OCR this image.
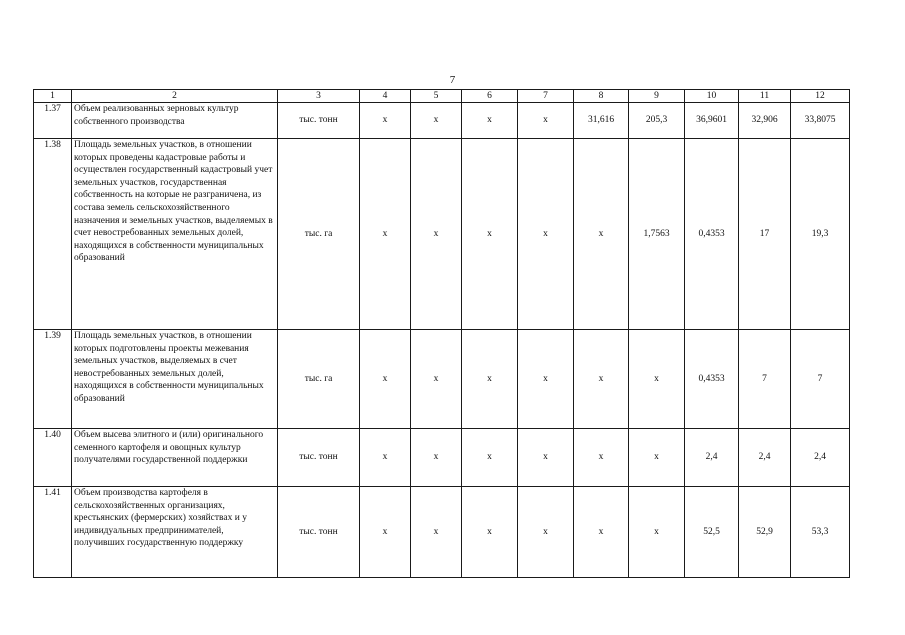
7
1	2	3	4	5	6	7	8	9	10	11	12
1.37	Объем реализованных зерновых культур собственного производства	тыс. тонн	х	х	х	х	31,616	205,3	36,9601	32,906	33,8075
1.38	Площадь земельных участков, в отношении которых проведены кадастровые работы и осуществлен государственный кадастровый учет земельных участков, государственная собственность на которые не разграничена, из состава земель сельскохозяйственного назначения и земельных участков, выделяемых в счет невостребованных земельных долей, находящихся в собственности муниципальных образований	тыс. га	х	х	х	х	х	1,7563	0,4353	17	19,3
1.39	Площадь земельных участков, в отношении которых подготовлены проекты межевания земельных участков, выделяемых в счет невостребованных земельных долей, находящихся в собственности муниципальных образований	тыс. га	х	х	х	х	х	х	0,4353	7	7
1.40	Объем высева элитного и (или) оригинального семенного картофеля и овощных культур получателями государственной поддержки	тыс. тонн	х	х	х	х	х	х	2,4	2,4	2,4
1.41	Объем производства картофеля в сельскохозяйственных организациях, крестьянских (фермерских) хозяйствах и у индивидуальных предпринимателей, получивших государственную поддержку	тыс. тонн	х	х	х	х	х	х	52,5	52,9	53,3
